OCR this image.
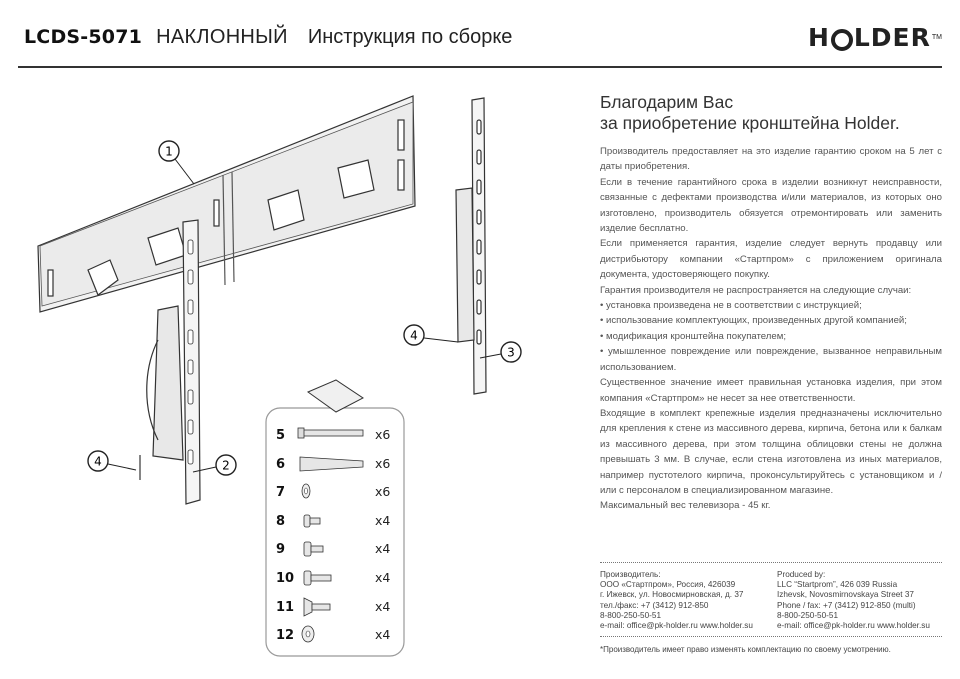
LCDS-5071 НАКЛОННЫЙ Инструкция по сборке	H LDER TM
1
2
3
4
4
5	x6
6	x6
7	x6
8	x4
9	x4
10	x4
11	x4
12	x4
Благодарим Вас
за приобретение кронштейна Holder.

Производитель предоставляет на это изделие гарантию сроком на 5 лет с даты приобретения.

Если в течение гарантийного срока в изделии возникнут неисправности, связанные с дефектами производства и/или материалов, из которых оно изготовлено, производитель обязуется отремонтировать или заменить изделие бесплатно.

Если применяется гарантия, изделие следует вернуть продавцу или дистрибьютору компании «Стартпром» с приложением оригинала документа, удостоверяющего покупку.

Гарантия производителя не распространяется на следующие случаи:

• установка произведена не в соответствии с инструкцией;

• использование комплектующих, произведенных другой компанией;

• модификация кронштейна покупателем;

• умышленное повреждение или повреждение, вызванное неправильным использованием.

Существенное значение имеет правильная установка изделия, при этом компания «Стартпром» не несет за нее ответственности.

Входящие в комплект крепежные изделия предназначены исключительно для крепления к стене из массивного дерева, кирпича, бетона или к балкам из массивного дерева, при этом толщина облицовки стены не должна превышать 3 мм. В случае, если стена изготовлена из иных материалов, например пустотелого кирпича, проконсультируйтесь с установщиком и / или с персоналом в специализированном магазине.

Максимальный вес телевизора - 45 кг.

Производитель:
ООО «Стартпром», Россия, 426039
г. Ижевск, ул. Новосмирновская, д. 37
тел./факс: +7 (3412) 912-850
8-800-250-50-51
e-mail: office@pk-holder.ru www.holder.su
Produced by:
LLC “Startprom”, 426 039 Russia
Izhevsk, Novosmirnovskaya Street 37
Phone / fax: +7 (3412) 912-850 (multi)
8-800-250-50-51
e-mail: office@pk-holder.ru www.holder.su
*Производитель имеет право изменять комплектацию по своему усмотрению.
